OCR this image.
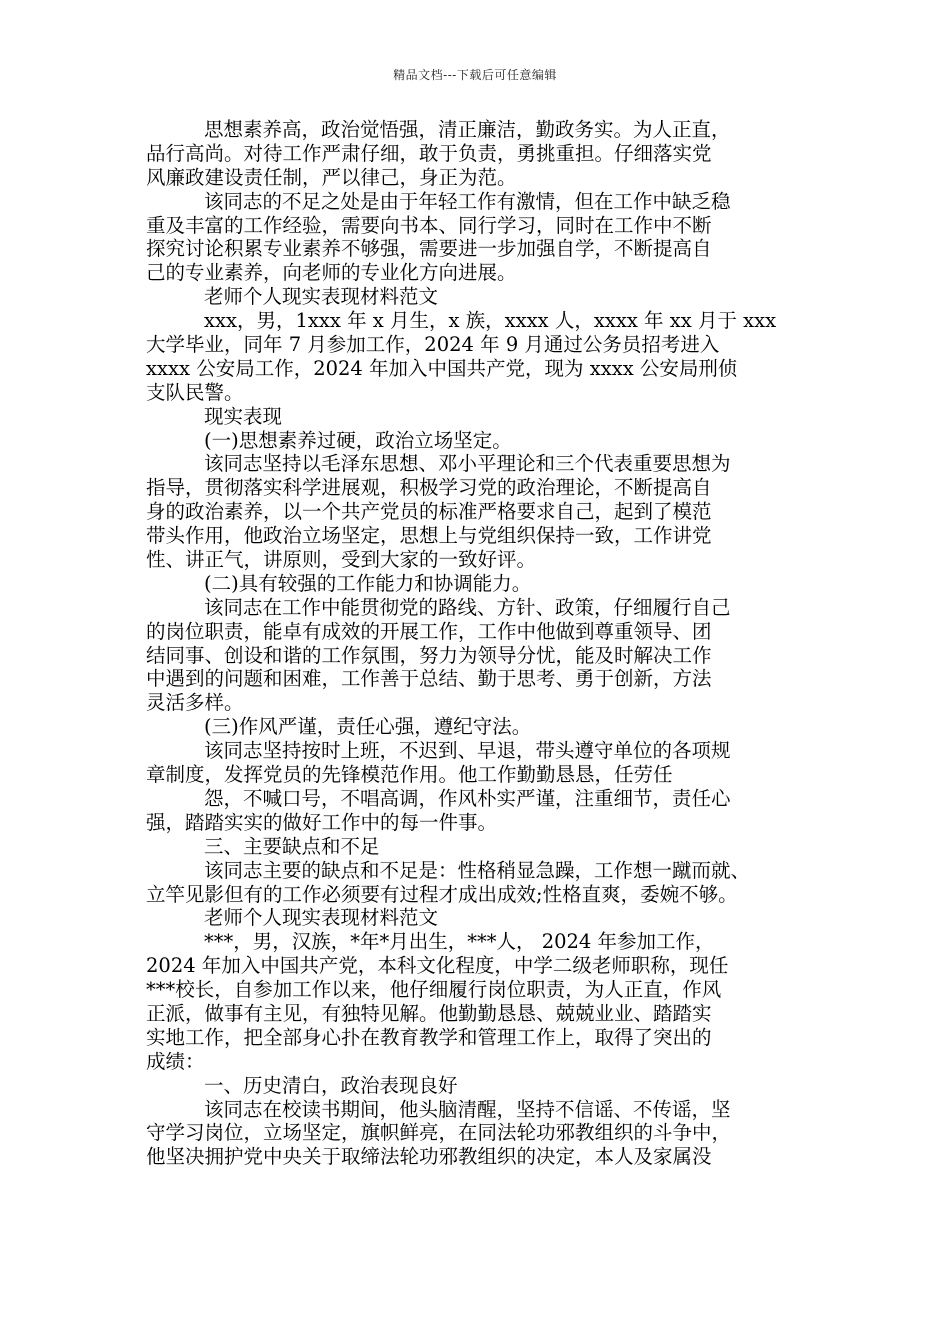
精品文档---下载后可任意编辑
思想素养高，政治觉悟强，清正廉洁，勤政务实。为人正直，
品行高尚。对待工作严肃仔细，敢于负责，勇挑重担。仔细落实党
风廉政建设责任制，严以律己，身正为范。
该同志的不足之处是由于年轻工作有激情，但在工作中缺乏稳
重及丰富的工作经验，需要向书本、同行学习，同时在工作中不断
探究讨论积累专业素养不够强，需要进一步加强自学，不断提高自
己的专业素养，向老师的专业化方向进展。
老师个人现实表现材料范文
xxx，男，1xxx 年 x 月生，x 族，xxxx 人，xxxx 年 xx 月于 xxx
大学毕业，同年 7 月参加工作，2024 年 9 月通过公务员招考进入
xxxx 公安局工作，2024 年加入中国共产党，现为 xxxx 公安局刑侦
支队民警。
现实表现
(一)思想素养过硬，政治立场坚定。
该同志坚持以毛泽东思想、邓小平理论和三个代表重要思想为
指导，贯彻落实科学进展观，积极学习党的政治理论，不断提高自
身的政治素养，以一个共产党员的标准严格要求自己，起到了模范
带头作用，他政治立场坚定，思想上与党组织保持一致，工作讲党
性、讲正气，讲原则，受到大家的一致好评。
(二)具有较强的工作能力和协调能力。
该同志在工作中能贯彻党的路线、方针、政策，仔细履行自己
的岗位职责，能卓有成效的开展工作，工作中他做到尊重领导、团
结同事、创设和谐的工作氛围，努力为领导分忧，能及时解决工作
中遇到的问题和困难，工作善于总结、勤于思考、勇于创新，方法
灵活多样。
(三)作风严谨，责任心强，遵纪守法。
该同志坚持按时上班，不迟到、早退，带头遵守单位的各项规
章制度，发挥党员的先锋模范作用。他工作勤勤恳恳，任劳任
怨，不喊口号，不唱高调，作风朴实严谨，注重细节，责任心
强，踏踏实实的做好工作中的每一件事。
三、主要缺点和不足
该同志主要的缺点和不足是：性格稍显急躁，工作想一蹴而就、
立竿见影但有的工作必须要有过程才成出成效;性格直爽，委婉不够。
老师个人现实表现材料范文
***，男，汉族，*年*月出生，***人， 2024 年参加工作，
2024 年加入中国共产党，本科文化程度，中学二级老师职称，现任
***校长，自参加工作以来，他仔细履行岗位职责，为人正直，作风
正派，做事有主见，有独特见解。他勤勤恳恳、兢兢业业、踏踏实
实地工作，把全部身心扑在教育教学和管理工作上，取得了突出的
成绩：
一、历史清白，政治表现良好
该同志在校读书期间，他头脑清醒，坚持不信谣、不传谣，坚
守学习岗位，立场坚定，旗帜鲜亮，在同法轮功邪教组织的斗争中，
他坚决拥护党中央关于取缔法轮功邪教组织的决定，本人及家属没
